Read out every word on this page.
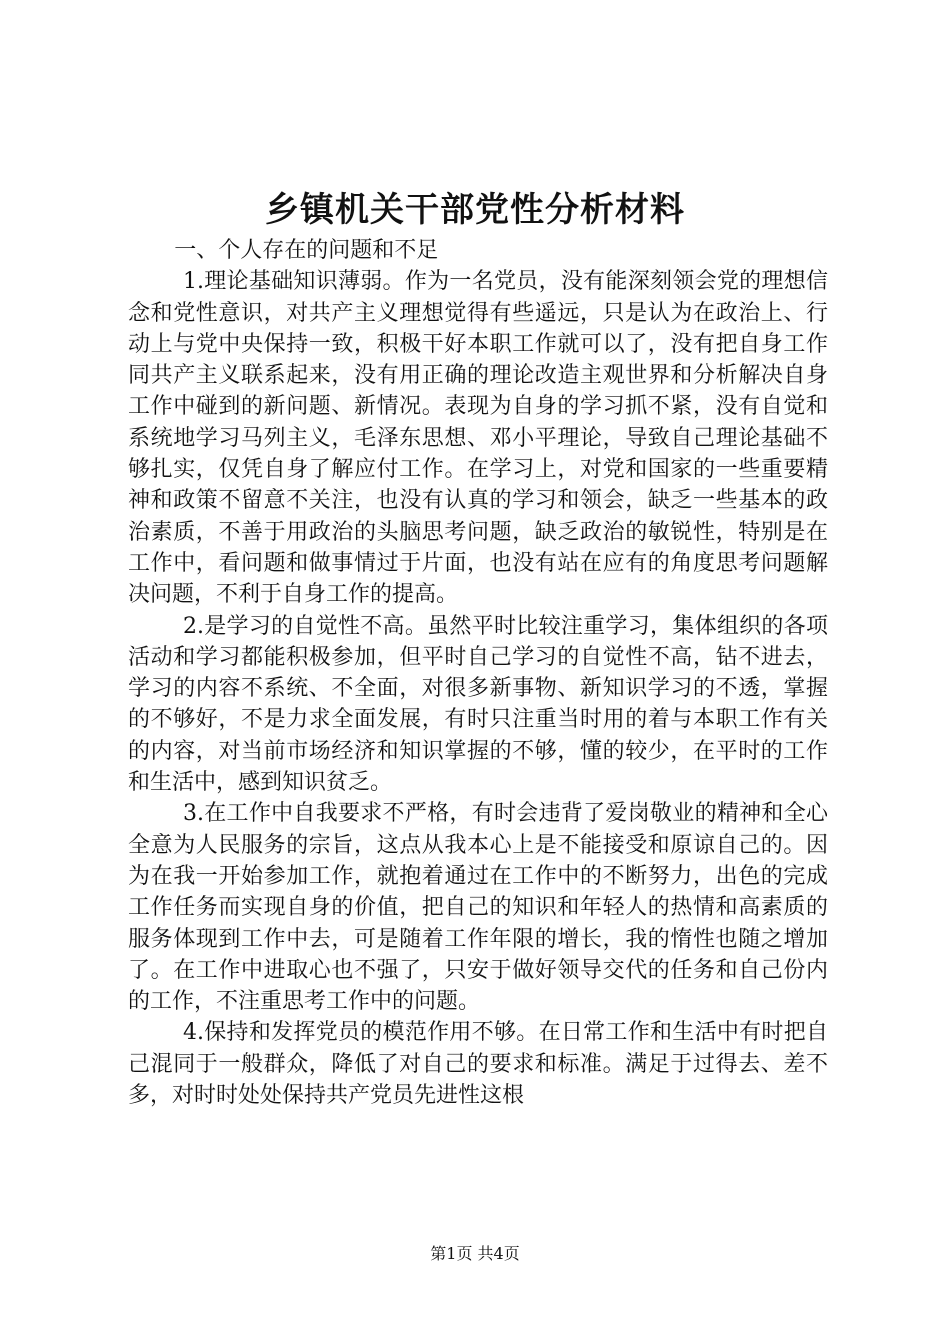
乡镇机关干部党性分析材料

一、个人存在的问题和不足

1.理论基础知识薄弱。作为一名党员，没有能深刻领会党的理想信念和党性意识，对共产主义理想觉得有些遥远，只是认为在政治上、行动上与党中央保持一致，积极干好本职工作就可以了，没有把自身工作同共产主义联系起来，没有用正确的理论改造主观世界和分析解决自身工作中碰到的新问题、新情况。表现为自身的学习抓不紧，没有自觉和系统地学习马列主义，毛泽东思想、邓小平理论，导致自己理论基础不够扎实，仅凭自身了解应付工作。在学习上，对党和国家的一些重要精神和政策不留意不关注，也没有认真的学习和领会，缺乏一些基本的政治素质，不善于用政治的头脑思考问题，缺乏政治的敏锐性，特别是在工作中，看问题和做事情过于片面，也没有站在应有的角度思考问题解决问题，不利于自身工作的提高。

2.是学习的自觉性不高。虽然平时比较注重学习，集体组织的各项活动和学习都能积极参加，但平时自己学习的自觉性不高，钻不进去，学习的内容不系统、不全面，对很多新事物、新知识学习的不透，掌握的不够好，不是力求全面发展，有时只注重当时用的着与本职工作有关的内容，对当前市场经济和知识掌握的不够，懂的较少，在平时的工作和生活中，感到知识贫乏。

3.在工作中自我要求不严格，有时会违背了爱岗敬业的精神和全心全意为人民服务的宗旨，这点从我本心上是不能接受和原谅自己的。因为在我一开始参加工作，就抱着通过在工作中的不断努力，出色的完成工作任务而实现自身的价值，把自己的知识和年轻人的热情和高素质的服务体现到工作中去，可是随着工作年限的增长，我的惰性也随之增加了。在工作中进取心也不强了，只安于做好领导交代的任务和自己份内的工作，不注重思考工作中的问题。

4.保持和发挥党员的模范作用不够。在日常工作和生活中有时把自己混同于一般群众，降低了对自己的要求和标准。满足于过得去、差不多，对时时处处保持共产党员先进性这根

第1页 共4页
